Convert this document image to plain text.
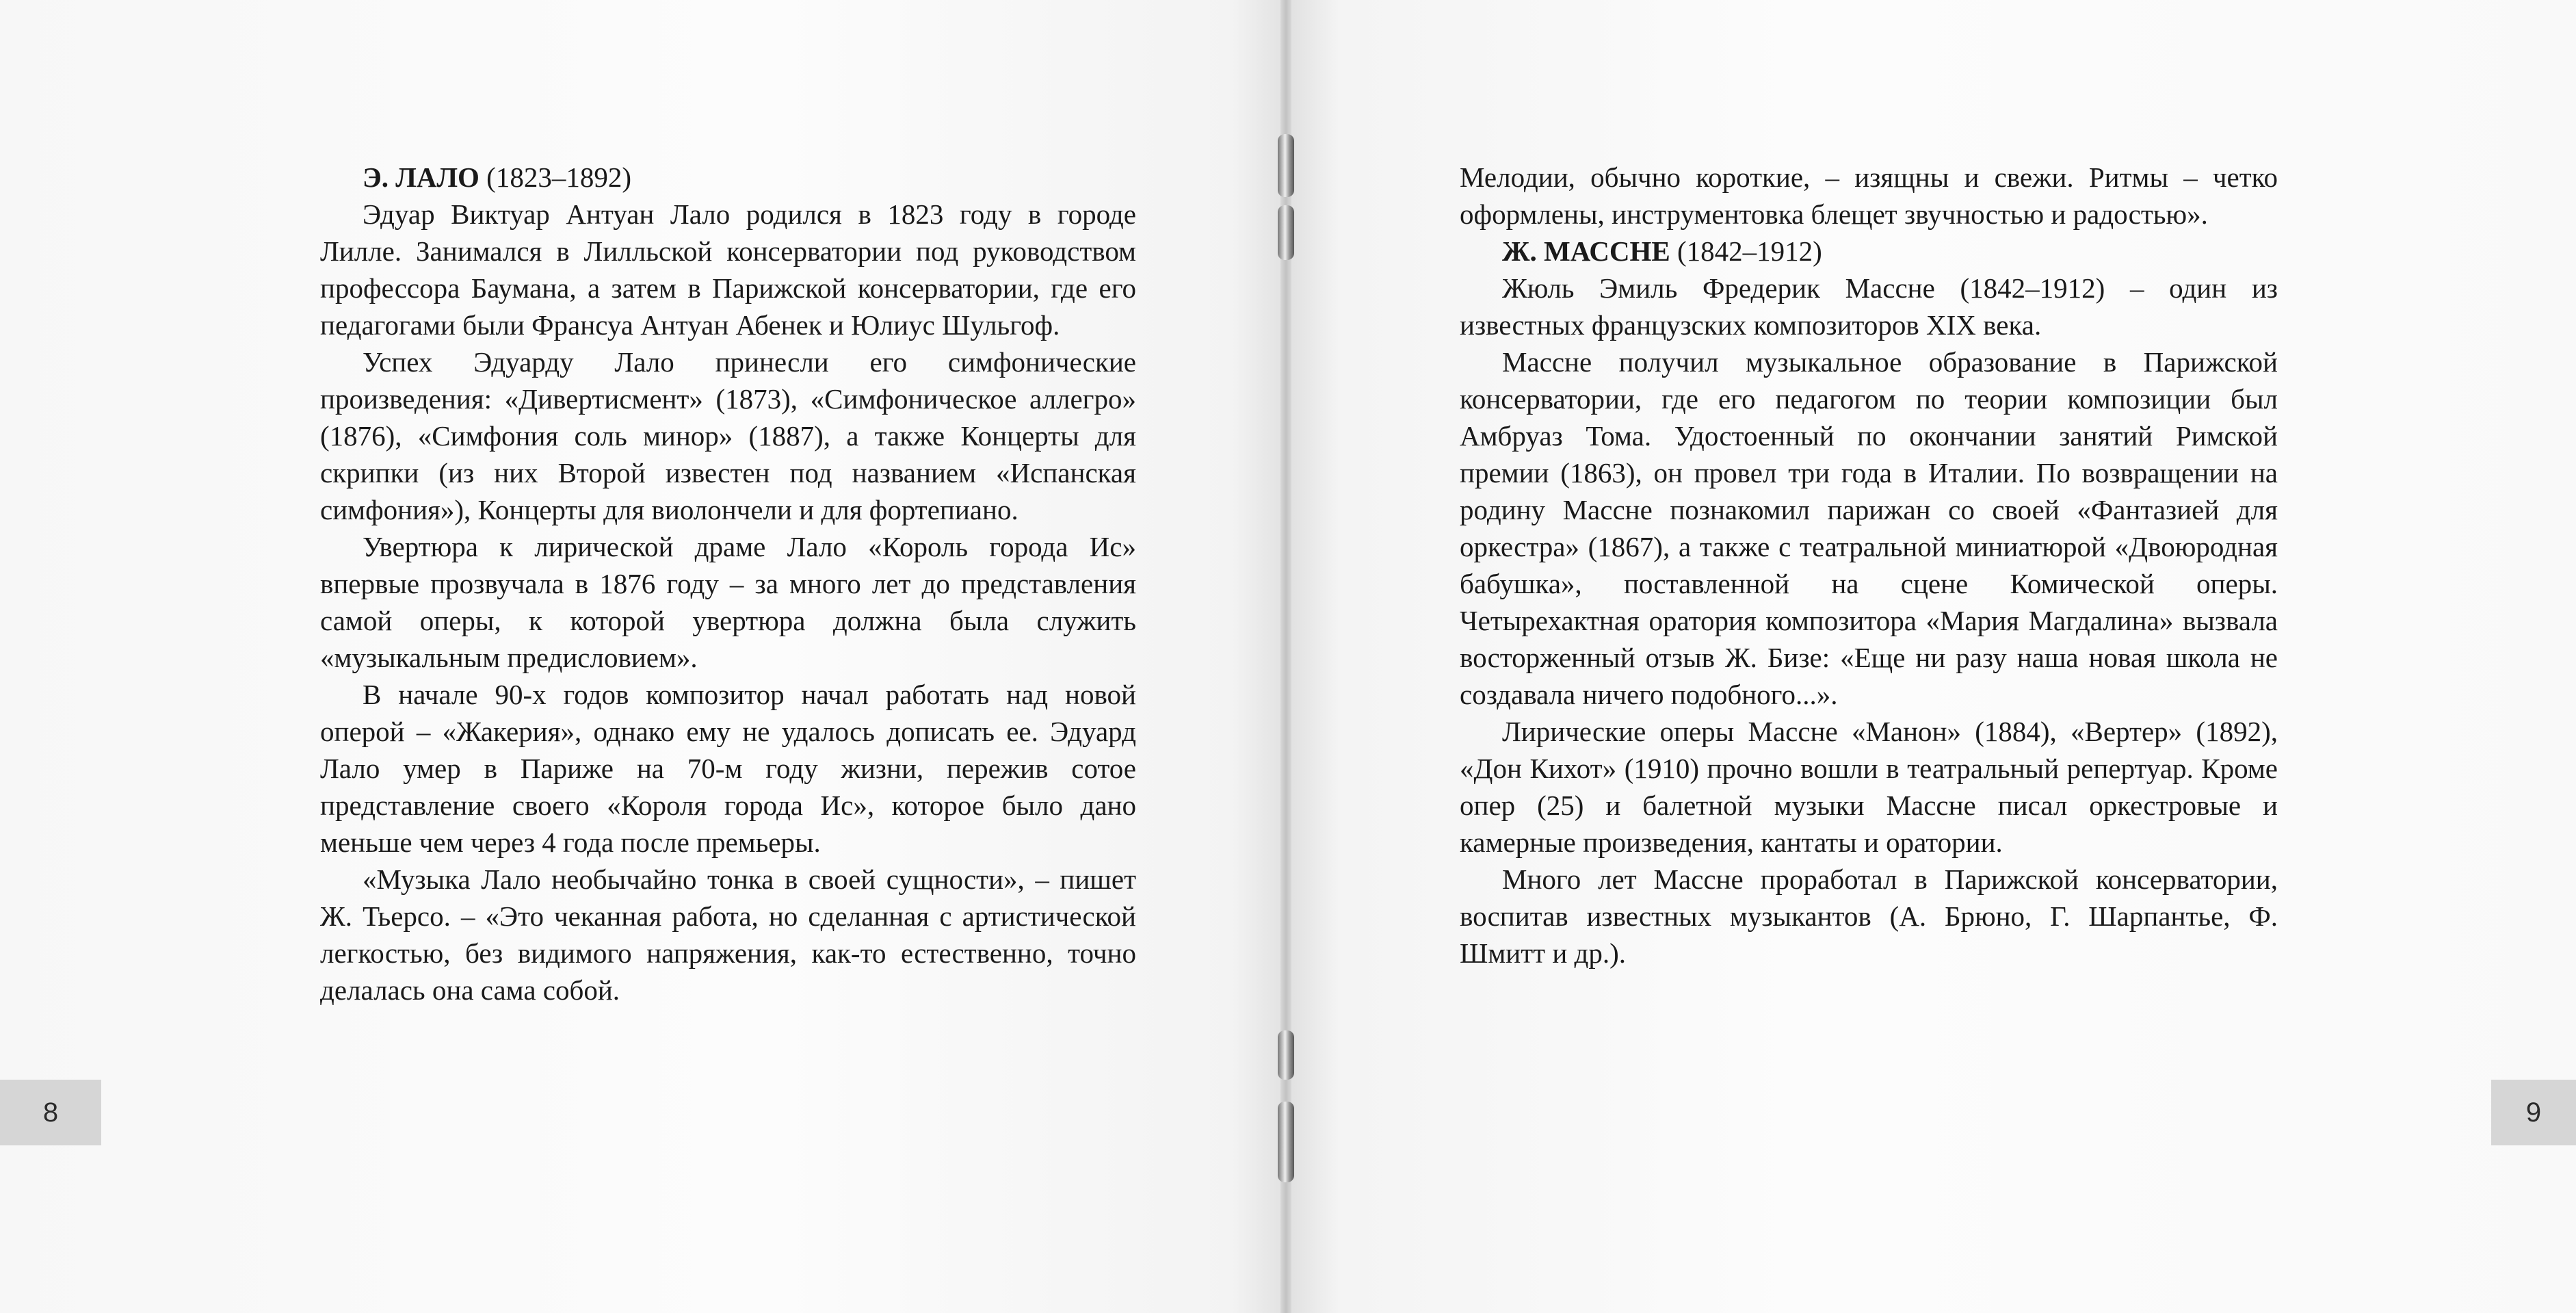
Э. ЛАЛО (1823–1892)

Эдуар Виктуар Антуан Лало родился в 1823 году в городе Лилле. Занимался в Лилльской консерватории под руководством профессора Баумана, а затем в Парижской консерватории, где его педагогами были Франсуа Антуан Абенек и Юлиус Шульгоф.

Успех Эдуарду Лало принесли его симфонические произведения: «Дивертисмент» (1873), «Симфоническое аллегро» (1876), «Симфония соль минор» (1887), а также Концерты для скрипки (из них Второй известен под названием «Испанская симфония»), Концерты для виолончели и для фортепиано.

Увертюра к лирической драме Лало «Король города Ис» впервые прозвучала в 1876 году – за много лет до представления самой оперы, к которой увертюра должна была служить «музыкальным предисловием».

В начале 90-х годов композитор начал работать над новой оперой – «Жакерия», однако ему не удалось дописать ее. Эдуард Лало умер в Париже на 70-м году жизни, пережив сотое представление своего «Короля города Ис», которое было дано меньше чем через 4 года после премьеры.

«Музыка Лало необычайно тонка в своей сущности», – пишет Ж. Тьерсо. – «Это чеканная работа, но сделанная с артистической легкостью, без видимого напряжения, как-то естественно, точно делалась она сама собой.

8

Мелодии, обычно короткие, – изящны и свежи. Ритмы – четко оформлены, инструментовка блещет звучностью и радостью».

Ж. МАССНЕ (1842–1912)

Жюль Эмиль Фредерик Массне (1842–1912) – один из известных французских композиторов XIX века.

Массне получил музыкальное образование в Парижской консерватории, где его педагогом по теории композиции был Амбруаз Тома. Удостоенный по окончании занятий Римской премии (1863), он провел три года в Италии. По возвращении на родину Массне познакомил парижан со своей «Фантазией для оркестра» (1867), а также с театральной миниатюрой «Двоюродная бабушка», поставленной на сцене Комической оперы. Четырехактная оратория композитора «Мария Магдалина» вызвала восторженный отзыв Ж. Бизе: «Еще ни разу наша новая школа не создавала ничего подобного...».

Лирические оперы Массне «Манон» (1884), «Вертер» (1892), «Дон Кихот» (1910) прочно вошли в театральный репертуар. Кроме опер (25) и балетной музыки Массне писал оркестровые и камерные произведения, кантаты и оратории.

Много лет Массне проработал в Парижской консерватории, воспитав известных музыкантов (А. Брюно, Г. Шарпантье, Ф. Шмитт и др.).

9
